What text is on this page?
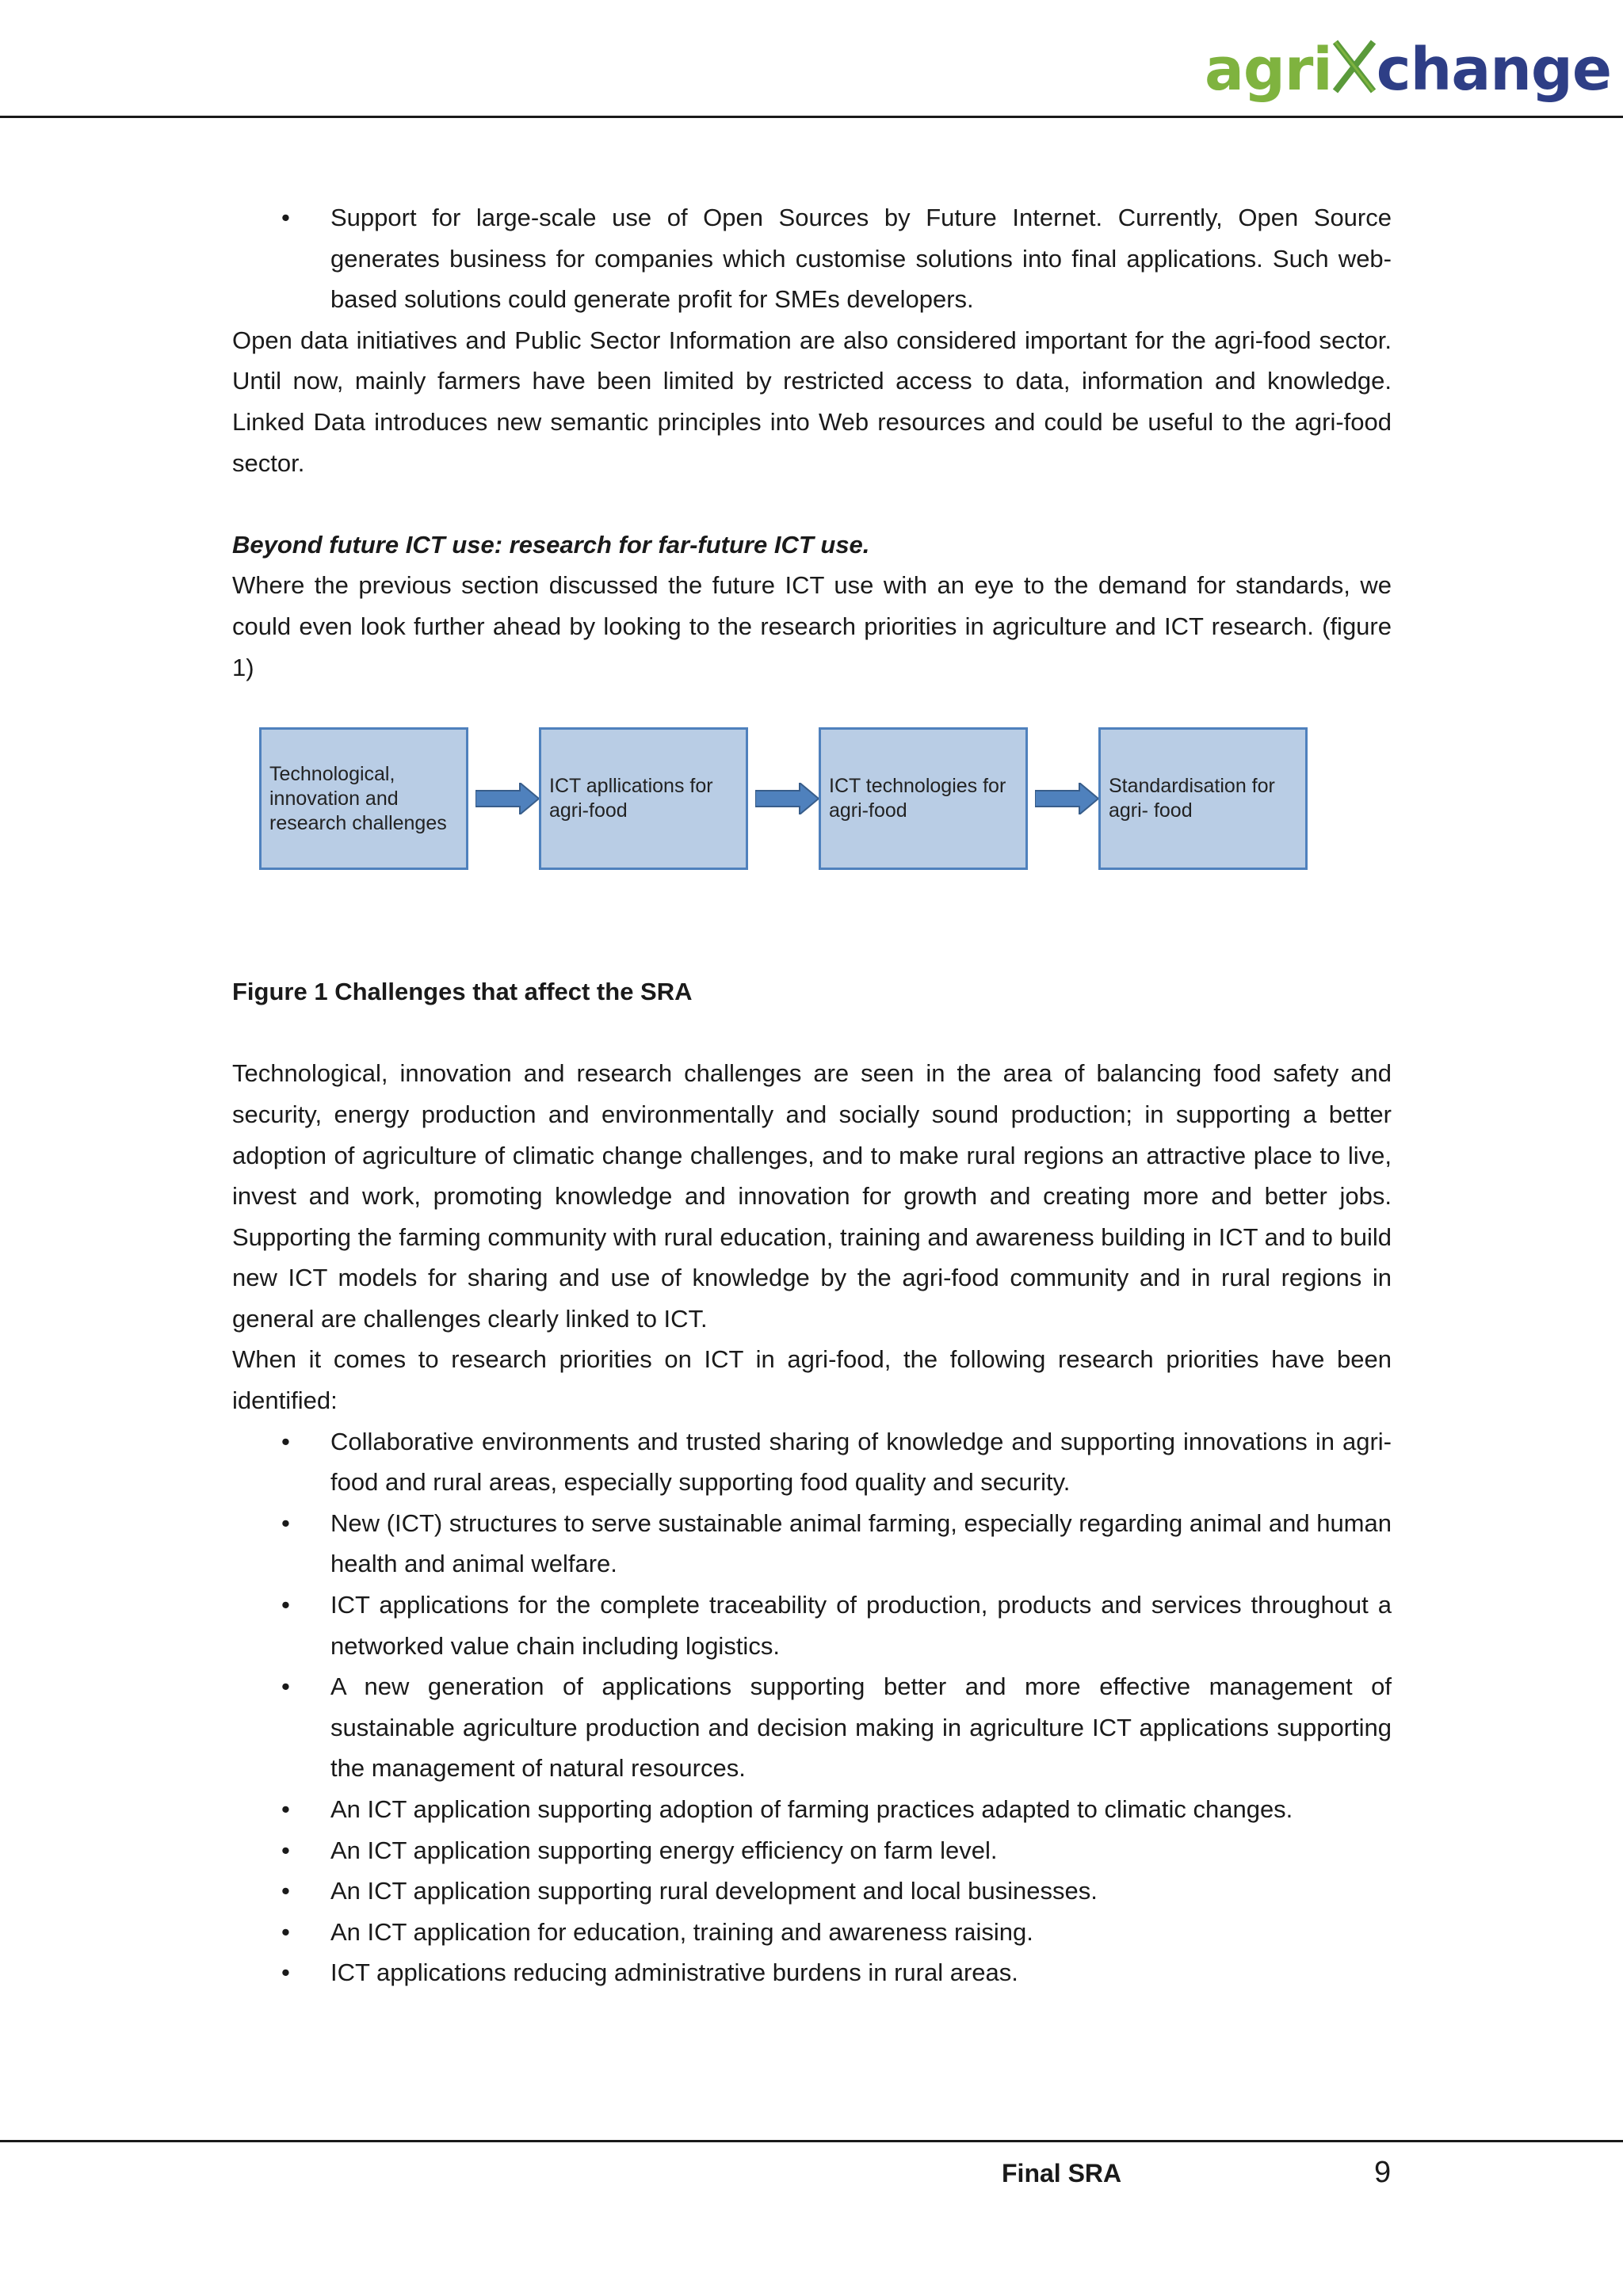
agri change
• Support for large-scale use of Open Sources by Future Internet. Currently, Open Source generates business for companies which customise solutions into final applications. Such web-based solutions could generate profit for SMEs developers.

Open data initiatives and Public Sector Information are also considered important for the agri-food sector. Until now, mainly farmers have been limited by restricted access to data, information and knowledge. Linked Data introduces new semantic principles into Web resources and could be useful to the agri-food sector.

Beyond future ICT use: research for far-future ICT use.

Where the previous section discussed the future ICT use with an eye to the demand for standards, we could even look further ahead by looking to the research priorities in agriculture and ICT research. (figure 1)

Technological, innovation and research challenges
ICT apllications for agri-food
ICT technologies for agri-food
Standardisation for agri- food

Figure 1 Challenges that affect the SRA

Technological, innovation and research challenges are seen in the area of balancing food safety and security, energy production and environmentally and socially sound production; in supporting a better adoption of agriculture of climatic change challenges, and to make rural regions an attractive place to live, invest and work, promoting knowledge and innovation for growth and creating more and better jobs. Supporting the farming community with rural education, training and awareness building in ICT and to build new ICT models for sharing and use of knowledge by the agri-food community and in rural regions in general are challenges clearly linked to ICT.

When it comes to research priorities on ICT in agri-food, the following research priorities have been identified:

• Collaborative environments and trusted sharing of knowledge and supporting innovations in agri-food and rural areas, especially supporting food quality and security.
• New (ICT) structures to serve sustainable animal farming, especially regarding animal and human health and animal welfare.
• ICT applications for the complete traceability of production, products and services throughout a networked value chain including logistics.
• A new generation of applications supporting better and more effective management of sustainable agriculture production and decision making in agriculture ICT applications supporting the management of natural resources.
• An ICT application supporting adoption of farming practices adapted to climatic changes.
• An ICT application supporting energy efficiency on farm level.
• An ICT application supporting rural development and local businesses.
• An ICT application for education, training and awareness raising.
• ICT applications reducing administrative burdens in rural areas.
Final SRA	9
